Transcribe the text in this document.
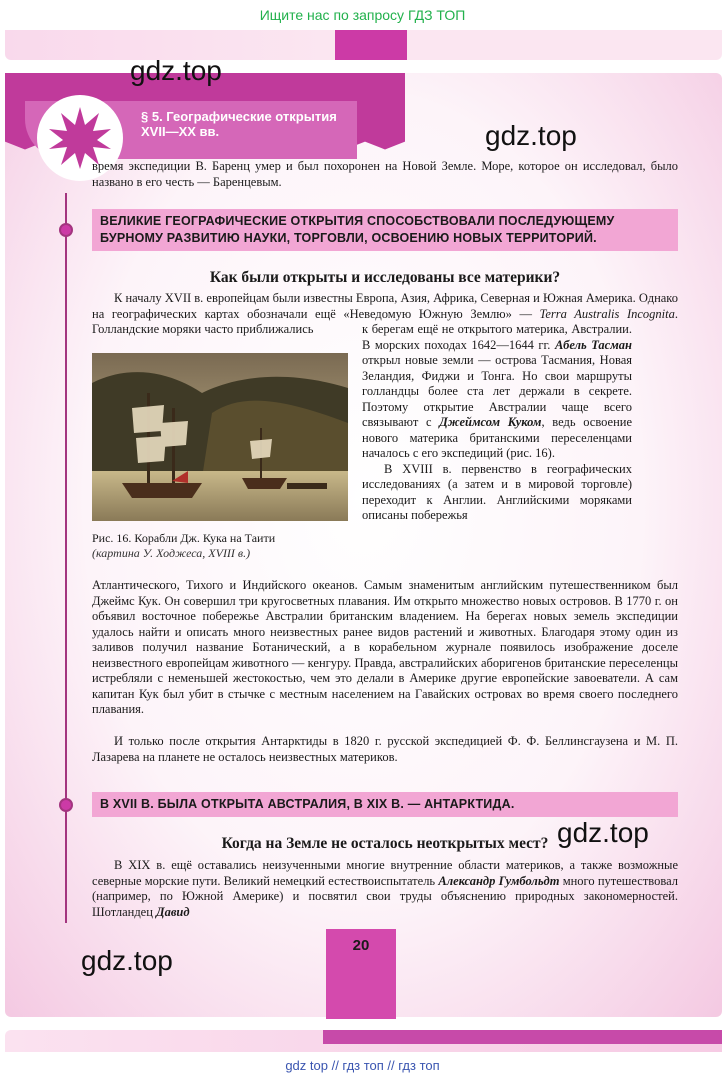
Ищите нас по запросу ГДЗ ТОП
§ 5. Географические открытия
XVII—XX вв.
время экспедиции В. Баренц умер и был похоронен на Новой Земле. Море, которое он исследовал, было названо в его честь — Баренцевым.
ВЕЛИКИЕ ГЕОГРАФИЧЕСКИЕ ОТКРЫТИЯ СПОСОБСТВОВАЛИ ПОСЛЕДУЮЩЕМУ БУРНОМУ РАЗВИТИЮ НАУКИ, ТОРГОВЛИ, ОСВОЕНИЮ НОВЫХ ТЕРРИТОРИЙ.
Как были открыты и исследованы все материки?
К началу XVII в. европейцам были известны Европа, Азия, Африка, Северная и Южная Америка. Однако на географических картах обозначали ещё «Неведомую Южную Землю» — Terra Australis Incognita. Голландские моряки часто приближались
Рис. 16. Корабли Дж. Кука на Таити
(картина У. Ходжеса, XVIII в.)
к берегам ещё не открытого материка, Австралии. В морских походах 1642—1644 гг. Абель Тасман открыл новые земли — острова Тасмания, Новая Зеландия, Фиджи и Тонга. Но свои маршруты голландцы более ста лет держали в секрете. Поэтому открытие Австралии чаще всего связывают с Джеймсом Куком, ведь освоение нового материка британскими переселенцами началось с его экспедиций (рис. 16).
В XVIII в. первенство в географических исследованиях (а затем и в мировой торговле) переходит к Англии. Английскими моряками описаны побережья
Атлантического, Тихого и Индийского океанов. Самым знаменитым английским путешественником был Джеймс Кук. Он совершил три кругосветных плавания. Им открыто множество новых островов. В 1770 г. он объявил восточное побережье Австралии британским владением. На берегах новых земель экспедиции удалось найти и описать много неизвестных ранее видов растений и животных. Благодаря этому один из заливов получил название Ботанический, а в корабельном журнале появилось изображение доселе неизвестного европейцам животного — кенгуру. Правда, австралийских аборигенов британские переселенцы истребляли с неменьшей жестокостью, чем это делали в Америке другие европейские завоеватели. А сам капитан Кук был убит в стычке с местным населением на Гавайских островах во время своего последнего плавания.
И только после открытия Антарктиды в 1820 г. русской экспедицией Ф. Ф. Беллинсгаузена и М. П. Лазарева на планете не осталось неизвестных материков.
В XVII В. БЫЛА ОТКРЫТА АВСТРАЛИЯ, В XIX В. — АНТАРКТИДА.
Когда на Земле не осталось неоткрытых мест?
В XIX в. ещё оставались неизученными многие внутренние области материков, а также возможные северные морские пути. Великий немецкий естествоиспытатель Александр Гумбольдт много путешествовал (например, по Южной Америке) и посвятил свои труды объяснению природных закономерностей. Шотландец Давид
20
gdz.top
gdz.top
gdz.top
gdz.top
gdz top // гдз топ // гдз топ
